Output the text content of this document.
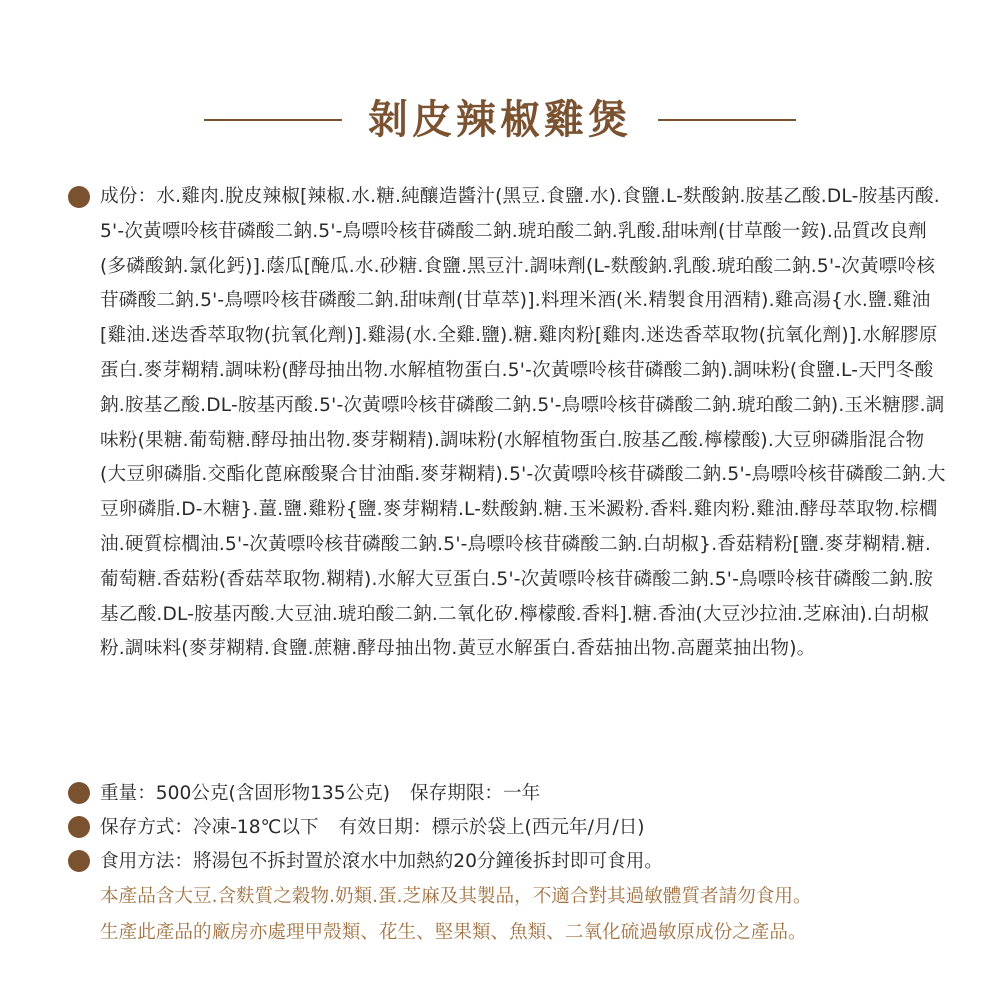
剝皮辣椒雞煲
成份：水.雞肉.脫皮辣椒[辣椒.水.糖.純釀造醬汁(黑豆.食鹽.水).食鹽.L-麩酸鈉.胺基乙酸.DL-胺基丙酸.5'-次黃嘌呤核苷磷酸二鈉.5'-鳥嘌呤核苷磷酸二鈉.琥珀酸二鈉.乳酸.甜味劑(甘草酸一銨).品質改良劑(多磷酸鈉.氯化鈣)].蔭瓜[醃瓜.水.砂糖.食鹽.黑豆汁.調味劑(L-麩酸鈉.乳酸.琥珀酸二鈉.5'-次黃嘌呤核苷磷酸二鈉.5'-鳥嘌呤核苷磷酸二鈉.甜味劑(甘草萃)].料理米酒(米.精製食用酒精).雞高湯{水.鹽.雞油[雞油.迷迭香萃取物(抗氧化劑)].雞湯(水.全雞.鹽).糖.雞肉粉[雞肉.迷迭香萃取物(抗氧化劑)].水解膠原蛋白.麥芽糊精.調味粉(酵母抽出物.水解植物蛋白.5'-次黃嘌呤核苷磷酸二鈉).調味粉(食鹽.L-天門冬酸鈉.胺基乙酸.DL-胺基丙酸.5'-次黃嘌呤核苷磷酸二鈉.5'-鳥嘌呤核苷磷酸二鈉.琥珀酸二鈉).玉米糖膠.調味粉(果糖.葡萄糖.酵母抽出物.麥芽糊精).調味粉(水解植物蛋白.胺基乙酸.檸檬酸).大豆卵磷脂混合物(大豆卵磷脂.交酯化蓖麻酸聚合甘油酯.麥芽糊精).5'-次黃嘌呤核苷磷酸二鈉.5'-鳥嘌呤核苷磷酸二鈉.大豆卵磷脂.D-木糖}.薑.鹽.雞粉{鹽.麥芽糊精.L-麩酸鈉.糖.玉米澱粉.香料.雞肉粉.雞油.酵母萃取物.棕櫚油.硬質棕櫚油.5'-次黃嘌呤核苷磷酸二鈉.5'-鳥嘌呤核苷磷酸二鈉.白胡椒}.香菇精粉[鹽.麥芽糊精.糖.葡萄糖.香菇粉(香菇萃取物.糊精).水解大豆蛋白.5'-次黃嘌呤核苷磷酸二鈉.5'-鳥嘌呤核苷磷酸二鈉.胺基乙酸.DL-胺基丙酸.大豆油.琥珀酸二鈉.二氧化矽.檸檬酸.香料].糖.香油(大豆沙拉油.芝麻油).白胡椒粉.調味料(麥芽糊精.食鹽.蔗糖.酵母抽出物.黃豆水解蛋白.香菇抽出物.高麗菜抽出物)。
重量：500公克(含固形物135公克) 保存期限：一年
保存方式：冷凍-18℃以下 有效日期：標示於袋上(西元年/月/日)
食用方法：將湯包不拆封置於滾水中加熱約20分鐘後拆封即可食用。
本產品含大豆.含麩質之穀物.奶類.蛋.芝麻及其製品，不適合對其過敏體質者請勿食用。
生產此產品的廠房亦處理甲殼類、花生、堅果類、魚類、二氧化硫過敏原成份之產品。
